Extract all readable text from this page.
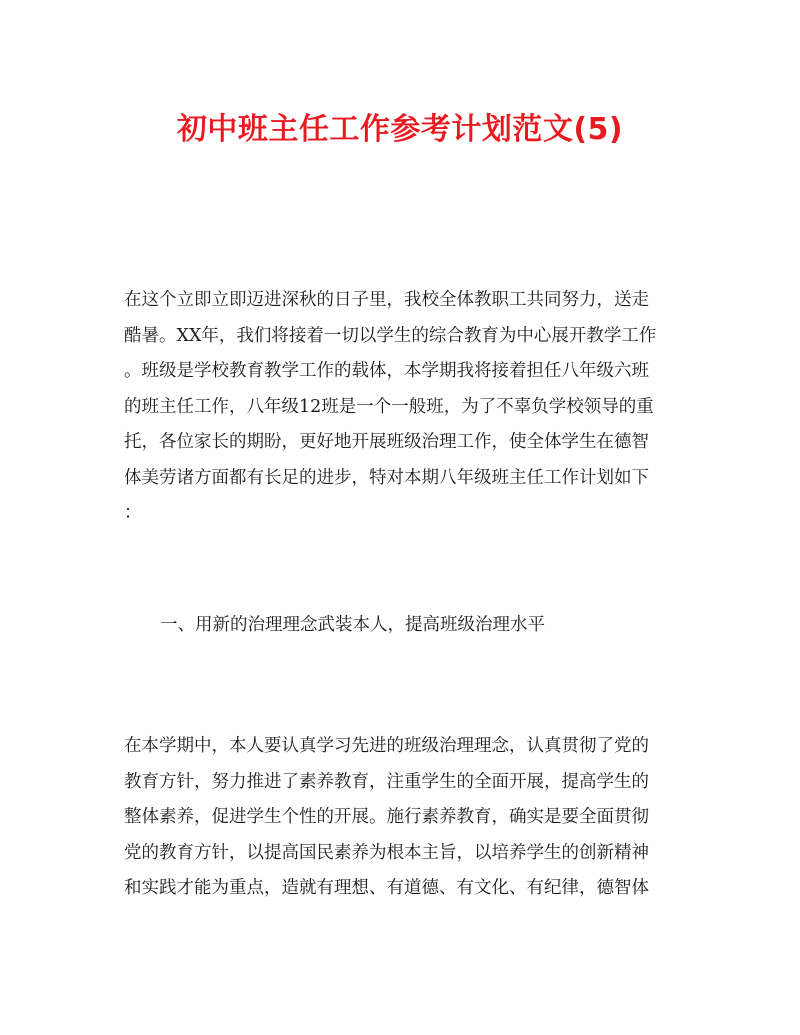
初中班主任工作参考计划范文(5)

在这个立即立即迈进深秋的日子里，我校全体教职工共同努力，送走
酷暑。XX年，我们将接着一切以学生的综合教育为中心展开教学工作
。班级是学校教育教学工作的载体，本学期我将接着担任八年级六班
的班主任工作，八年级12班是一个一般班，为了不辜负学校领导的重
托，各位家长的期盼，更好地开展班级治理工作，使全体学生在德智
体美劳诸方面都有长足的进步，特对本期八年级班主任工作计划如下
：

一、用新的治理理念武装本人，提高班级治理水平

在本学期中，本人要认真学习先进的班级治理理念，认真贯彻了党的
教育方针，努力推进了素养教育，注重学生的全面开展，提高学生的
整体素养，促进学生个性的开展。施行素养教育，确实是要全面贯彻
党的教育方针，以提高国民素养为根本主旨，以培养学生的创新精神
和实践才能为重点，造就有理想、有道德、有文化、有纪律，德智体
